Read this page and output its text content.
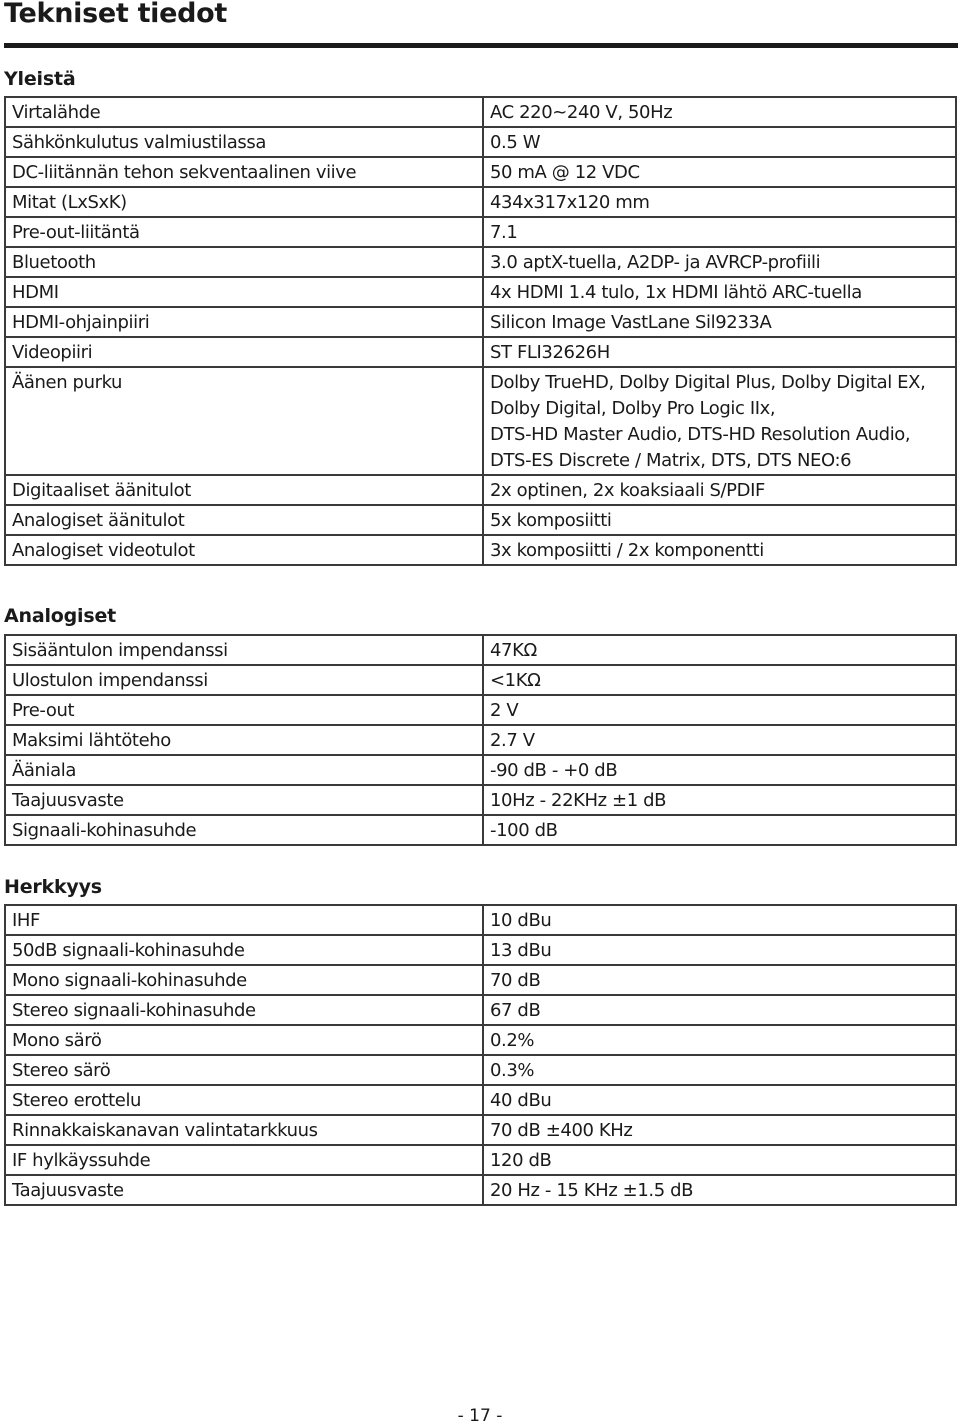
Tekniset tiedot
Yleistä
Virtalähde	AC 220~240 V, 50Hz
Sähkönkulutus valmiustilassa	0.5 W
DC-liitännän tehon sekventaalinen viive	50 mA @ 12 VDC
Mitat (LxSxK)	434x317x120 mm
Pre-out-liitäntä	7.1
Bluetooth	3.0 aptX-tuella, A2DP- ja AVRCP-profiili
HDMI	4x HDMI 1.4 tulo, 1x HDMI lähtö ARC-tuella
HDMI-ohjainpiiri	Silicon Image VastLane Sil9233A
Videopiiri	ST FLI32626H
Äänen purku	Dolby TrueHD, Dolby Digital Plus, Dolby Digital EX,
Dolby Digital, Dolby Pro Logic IIx,
DTS-HD Master Audio, DTS-HD Resolution Audio,
DTS-ES Discrete / Matrix, DTS, DTS NEO:6
Digitaaliset äänitulot	2x optinen, 2x koaksiaali S/PDIF
Analogiset äänitulot	5x komposiitti
Analogiset videotulot	3x komposiitti / 2x komponentti
Analogiset
Sisääntulon impendanssi	47KΩ
Ulostulon impendanssi	<1KΩ
Pre-out	2 V
Maksimi lähtöteho	2.7 V
Ääniala	-90 dB - +0 dB
Taajuusvaste	10Hz - 22KHz ±1 dB
Signaali-kohinasuhde	-100 dB
Herkkyys
IHF	10 dBu
50dB signaali-kohinasuhde	13 dBu
Mono signaali-kohinasuhde	70 dB
Stereo signaali-kohinasuhde	67 dB
Mono särö	0.2%
Stereo särö	0.3%
Stereo erottelu	40 dBu
Rinnakkaiskanavan valintatarkkuus	70 dB ±400 KHz
IF hylkäyssuhde	120 dB
Taajuusvaste	20 Hz - 15 KHz ±1.5 dB
- 17 -
